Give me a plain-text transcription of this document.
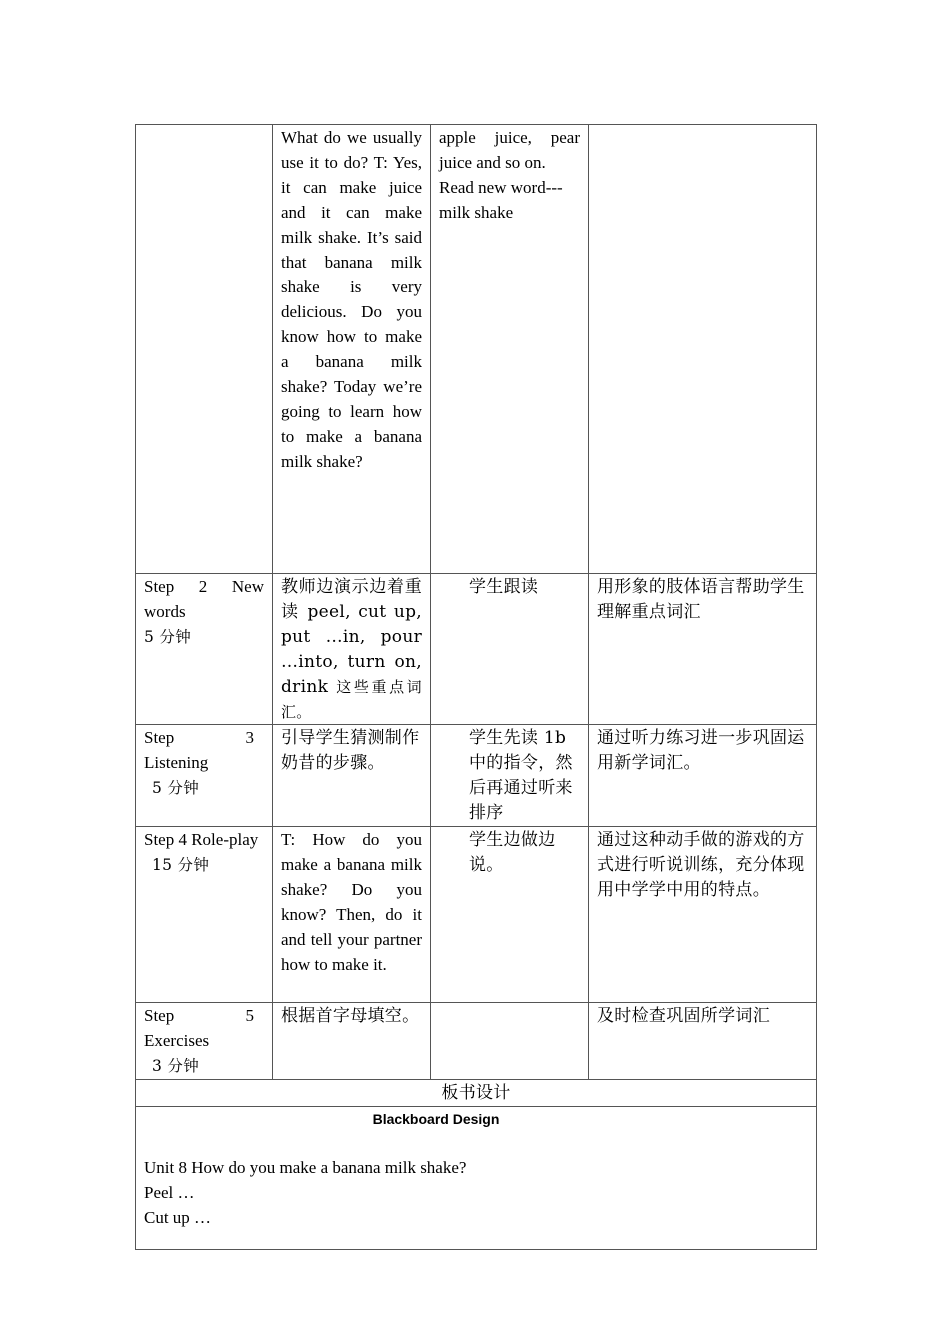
	What do we usually use it to do? T: Yes, it can make juice and it can make milk shake. It’s said that banana milk shake is very delicious. Do you know how to make a banana milk shake? Today we’re going to learn how to make a banana milk shake?	apple juice, pear juice and so on.
Read new word---milk shake	

Step 2 New words
5 分钟	教师边演示边着重读 peel, cut up, put …in, pour …into, turn on, drink 这些重点词汇。	学生跟读	用形象的肢体语言帮助学生理解重点词汇

Step 3 Listening
5 分钟	引导学生猜测制作奶昔的步骤。	学生先读 1b 中的指令，然后再通过听来排序	通过听力练习进一步巩固运用新学词汇。

Step 4 Role-play
15 分钟	T: How do you make a banana milk shake? Do you know? Then, do it and tell your partner how to make it.	学生边做边说。	通过这种动手做的游戏的方式进行听说训练，充分体现用中学学中用的特点。

Step 5 Exercises
3 分钟	根据首字母填空。		及时检查巩固所学词汇
板书设计			

Blackboard Design
Unit 8 How do you make a banana milk shake?
Peel …
Cut up …			
